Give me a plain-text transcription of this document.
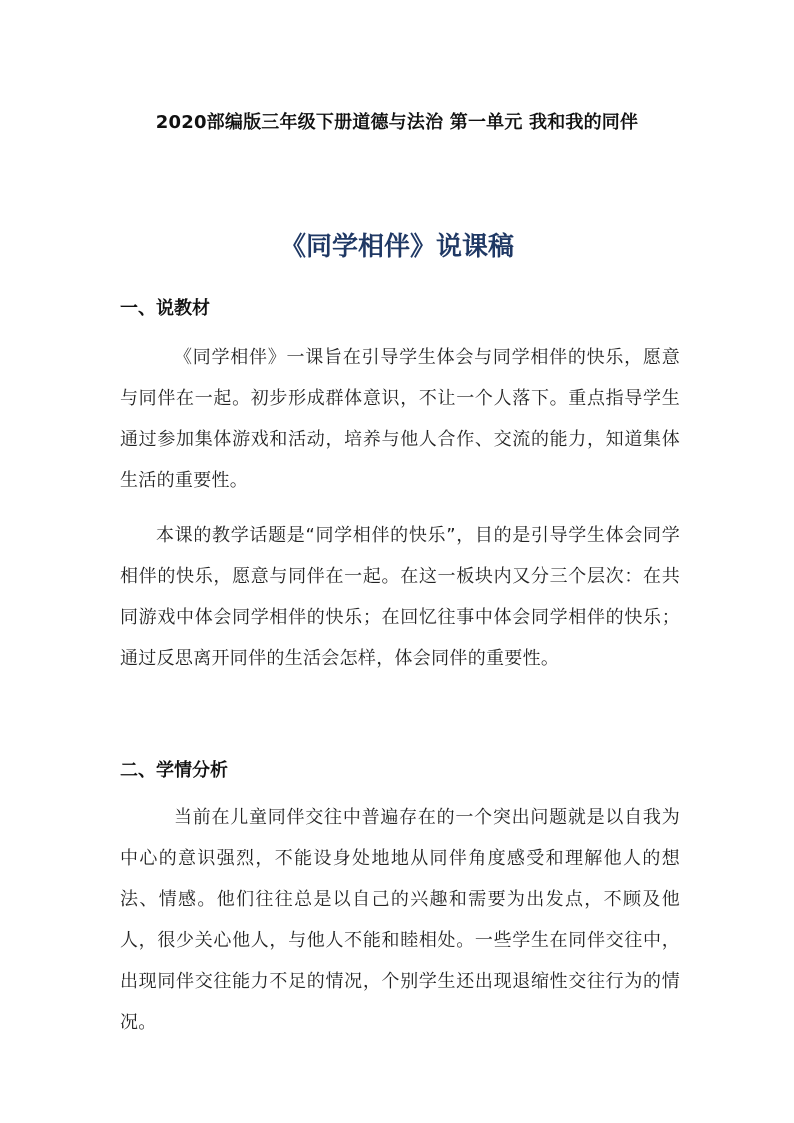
2020部编版三年级下册道德与法治 第一单元 我和我的同伴
《同学相伴》说课稿
一、说教材
《同学相伴》一课旨在引导学生体会与同学相伴的快乐，愿意与同伴在一起。初步形成群体意识，不让一个人落下。重点指导学生通过参加集体游戏和活动，培养与他人合作、交流的能力，知道集体生活的重要性。
本课的教学话题是“同学相伴的快乐”，目的是引导学生体会同学相伴的快乐，愿意与同伴在一起。在这一板块内又分三个层次：在共同游戏中体会同学相伴的快乐；在回忆往事中体会同学相伴的快乐；通过反思离开同伴的生活会怎样，体会同伴的重要性。
二、学情分析
当前在儿童同伴交往中普遍存在的一个突出问题就是以自我为中心的意识强烈，不能设身处地地从同伴角度感受和理解他人的想法、情感。他们往往总是以自己的兴趣和需要为出发点，不顾及他人，很少关心他人，与他人不能和睦相处。一些学生在同伴交往中，出现同伴交往能力不足的情况，个别学生还出现退缩性交往行为的情况。
